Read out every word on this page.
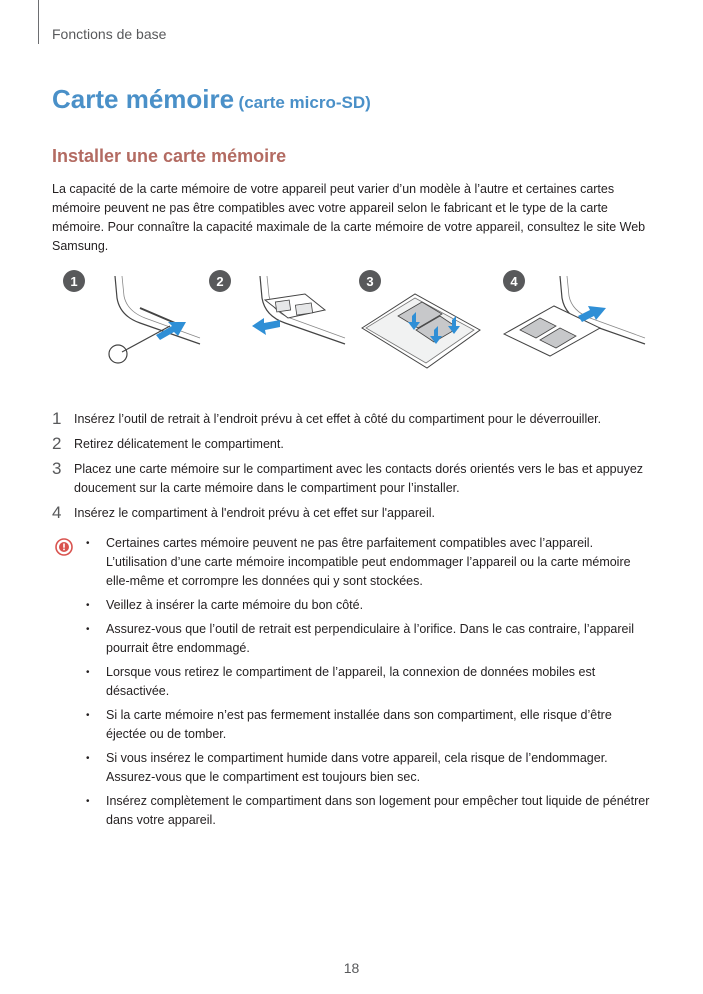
Fonctions de base
Carte mémoire (carte micro-SD)
Installer une carte mémoire
La capacité de la carte mémoire de votre appareil peut varier d’un modèle à l’autre et certaines cartes mémoire peuvent ne pas être compatibles avec votre appareil selon le fabricant et le type de la carte mémoire. Pour connaître la capacité maximale de la carte mémoire de votre appareil, consultez le site Web Samsung.
1	2	3	4
1	Insérez l’outil de retrait à l’endroit prévu à cet effet à côté du compartiment pour le déverrouiller.
2	Retirez délicatement le compartiment.
3	Placez une carte mémoire sur le compartiment avec les contacts dorés orientés vers le bas et appuyez doucement sur la carte mémoire dans le compartiment pour l’installer.
4	Insérez le compartiment à l'endroit prévu à cet effet sur l'appareil.
•	Certaines cartes mémoire peuvent ne pas être parfaitement compatibles avec l’appareil. L’utilisation d’une carte mémoire incompatible peut endommager l’appareil ou la carte mémoire elle-même et corrompre les données qui y sont stockées.
•	Veillez à insérer la carte mémoire du bon côté.
•	Assurez-vous que l’outil de retrait est perpendiculaire à l’orifice. Dans le cas contraire, l’appareil pourrait être endommagé.
•	Lorsque vous retirez le compartiment de l’appareil, la connexion de données mobiles est désactivée.
•	Si la carte mémoire n’est pas fermement installée dans son compartiment, elle risque d’être éjectée ou de tomber.
•	Si vous insérez le compartiment humide dans votre appareil, cela risque de l’endommager. Assurez-vous que le compartiment est toujours bien sec.
•	Insérez complètement le compartiment dans son logement pour empêcher tout liquide de pénétrer dans votre appareil.
18
